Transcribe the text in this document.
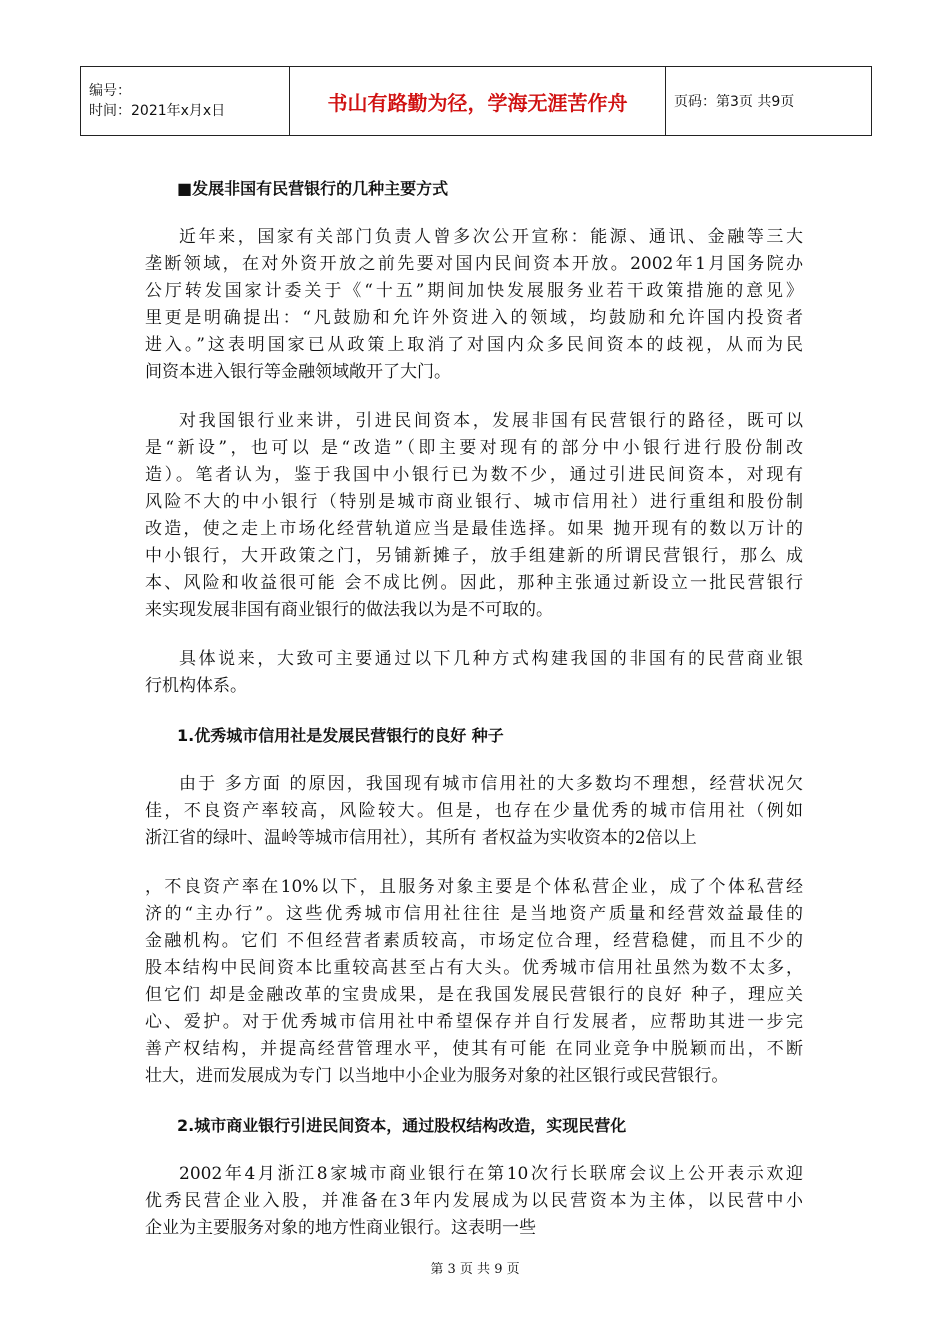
编号：
时间：2021年x月x日	书山有路勤为径，学海无涯苦作舟	页码：第3页 共9页
■发展非国有民营银行的几种主要方式
近年来，国家有关部门负责人曾多次公开宣称：能源、通讯、金融等三大
垄断领域，在对外资开放之前先要对国内民间资本开放。2002年1月国务院办
公厅转发国家计委关于《“十五”期间加快发展服务业若干政策措施的意见》
里更是明确提出：“凡鼓励和允许外资进入的领域，均鼓励和允许国内投资者
进入。”这表明国家已从政策上取消了对国内众多民间资本的歧视，从而为民
间资本进入银行等金融领域敞开了大门。
对我国银行业来讲，引进民间资本，发展非国有民营银行的路径，既可以
是“新设”，也可以 是“改造”（即主要对现有的部分中小银行进行股份制改
造）。笔者认为，鉴于我国中小银行已为数不少，通过引进民间资本，对现有
风险不大的中小银行（特别是城市商业银行、城市信用社）进行重组和股份制
改造，使之走上市场化经营轨道应当是最佳选择。如果 抛开现有的数以万计的
中小银行，大开政策之门，另铺新摊子，放手组建新的所谓民营银行，那么 成
本、风险和收益很可能 会不成比例。因此，那种主张通过新设立一批民营银行
来实现发展非国有商业银行的做法我以为是不可取的。
具体说来，大致可主要通过以下几种方式构建我国的非国有的民营商业银
行机构体系。
1.优秀城市信用社是发展民营银行的良好 种子
由于 多方面 的原因，我国现有城市信用社的大多数均不理想，经营状况欠
佳，不良资产率较高，风险较大。但是，也存在少量优秀的城市信用社（例如
浙江省的绿叶、温岭等城市信用社），其所有 者权益为实收资本的2倍以上
，不良资产率在10%以下，且服务对象主要是个体私营企业，成了个体私营经
济的“主办行”。这些优秀城市信用社往往 是当地资产质量和经营效益最佳的
金融机构。它们 不但经营者素质较高，市场定位合理，经营稳健，而且不少的
股本结构中民间资本比重较高甚至占有大头。优秀城市信用社虽然为数不太多，
但它们 却是金融改革的宝贵成果，是在我国发展民营银行的良好 种子，理应关
心、爱护。对于优秀城市信用社中希望保存并自行发展者，应帮助其进一步完
善产权结构，并提高经营管理水平，使其有可能 在同业竞争中脱颖而出，不断
壮大，进而发展成为专门 以当地中小企业为服务对象的社区银行或民营银行。
2.城市商业银行引进民间资本，通过股权结构改造，实现民营化
2002年4月浙江8家城市商业银行在第10次行长联席会议上公开表示欢迎
优秀民营企业入股，并准备在3年内发展成为以民营资本为主体，以民营中小
企业为主要服务对象的地方性商业银行。这表明一些
第 3 页 共 9 页
